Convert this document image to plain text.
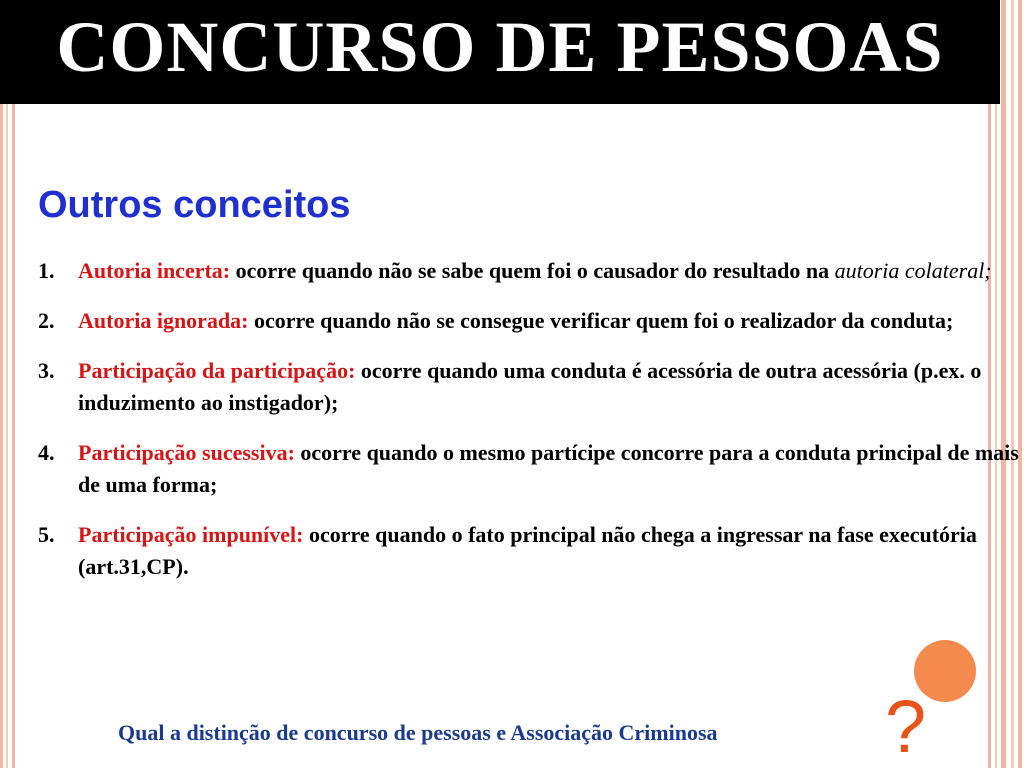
CONCURSO DE PESSOAS
Outros conceitos
1.	Autoria incerta: ocorre quando não se sabe quem foi o causador do resultado na autoria colateral;
2.	Autoria ignorada: ocorre quando não se consegue verificar quem foi o realizador da conduta;
3.	Participação da participação: ocorre quando uma conduta é acessória de outra acessória (p.ex. o induzimento ao instigador);
4.	Participação sucessiva: ocorre quando o mesmo partícipe concorre para a conduta principal de mais de uma forma;
5.	Participação impunível: ocorre quando o fato principal não chega a ingressar na fase executória (art.31,CP).
Qual a distinção de concurso de pessoas e Associação Criminosa ?
